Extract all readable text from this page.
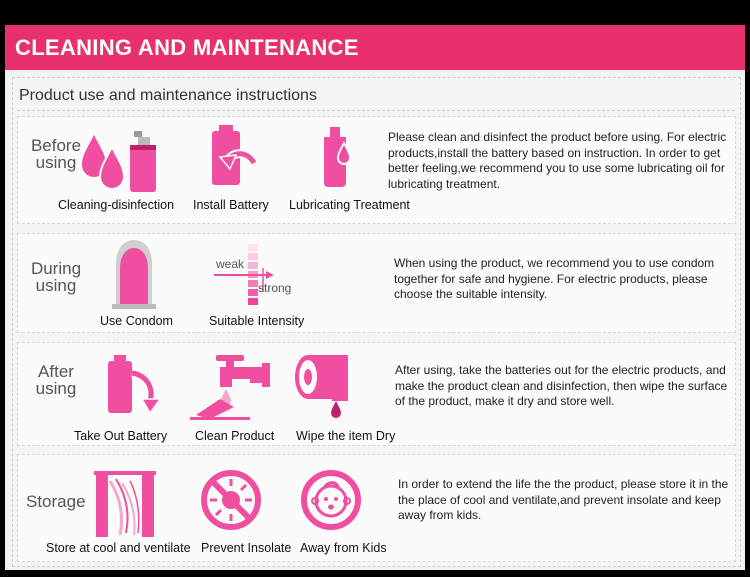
CLEANING AND MAINTENANCE
Product use and maintenance instructions
Before using
Cleaning-disinfection Install Battery Lubricating Treatment
Please clean and disinfect the product before using. For electric products,install the battery based on instruction. In order to get better feeling,we recommend you to use some lubricating oil for lubricating treatment.
During using
Use Condom
weak
strong
Suitable Intensity
When using the product, we recommend you to use condom together for safe and hygiene. For electric products, please choose the suitable intensity.
After using
Take Out Battery Clean Product Wipe the item Dry
After using, take the batteries out for the electric products, and make the product clean and disinfection, then wipe the surface of the product, make it dry and store well.
Storage
Store at cool and ventilate Prevent Insolate Away from Kids
In order to extend the life the the product, please store it in the the place of cool and ventilate,and prevent insolate and keep away from kids.
